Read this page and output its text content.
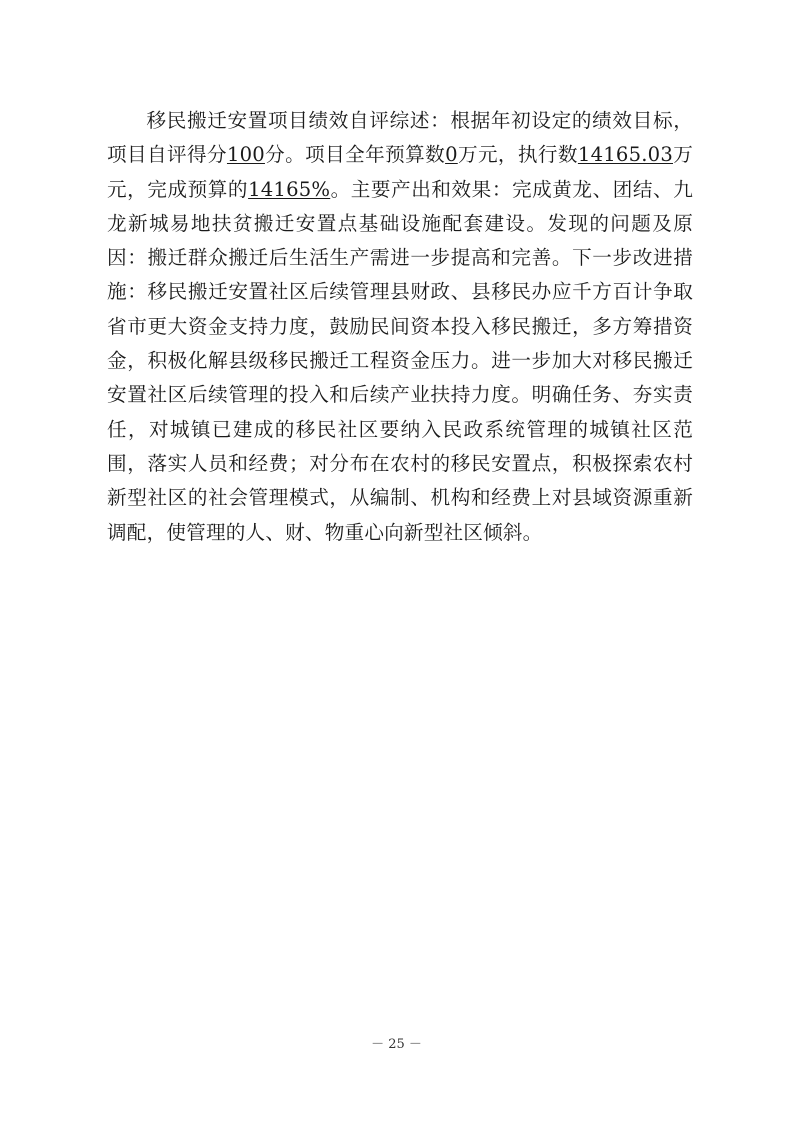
移民搬迁安置项目绩效自评综述：根据年初设定的绩效目标，项目自评得分100分。项目全年预算数0万元，执行数14165.03万元，完成预算的14165%。主要产出和效果：完成黄龙、团结、九龙新城易地扶贫搬迁安置点基础设施配套建设。发现的问题及原因：搬迁群众搬迁后生活生产需进一步提高和完善。下一步改进措施：移民搬迁安置社区后续管理县财政、县移民办应千方百计争取省市更大资金支持力度，鼓励民间资本投入移民搬迁，多方筹措资金，积极化解县级移民搬迁工程资金压力。进一步加大对移民搬迁安置社区后续管理的投入和后续产业扶持力度。明确任务、夯实责任，对城镇已建成的移民社区要纳入民政系统管理的城镇社区范围，落实人员和经费；对分布在农村的移民安置点，积极探索农村新型社区的社会管理模式，从编制、机构和经费上对县域资源重新调配，使管理的人、财、物重心向新型社区倾斜。

－ 25 －
